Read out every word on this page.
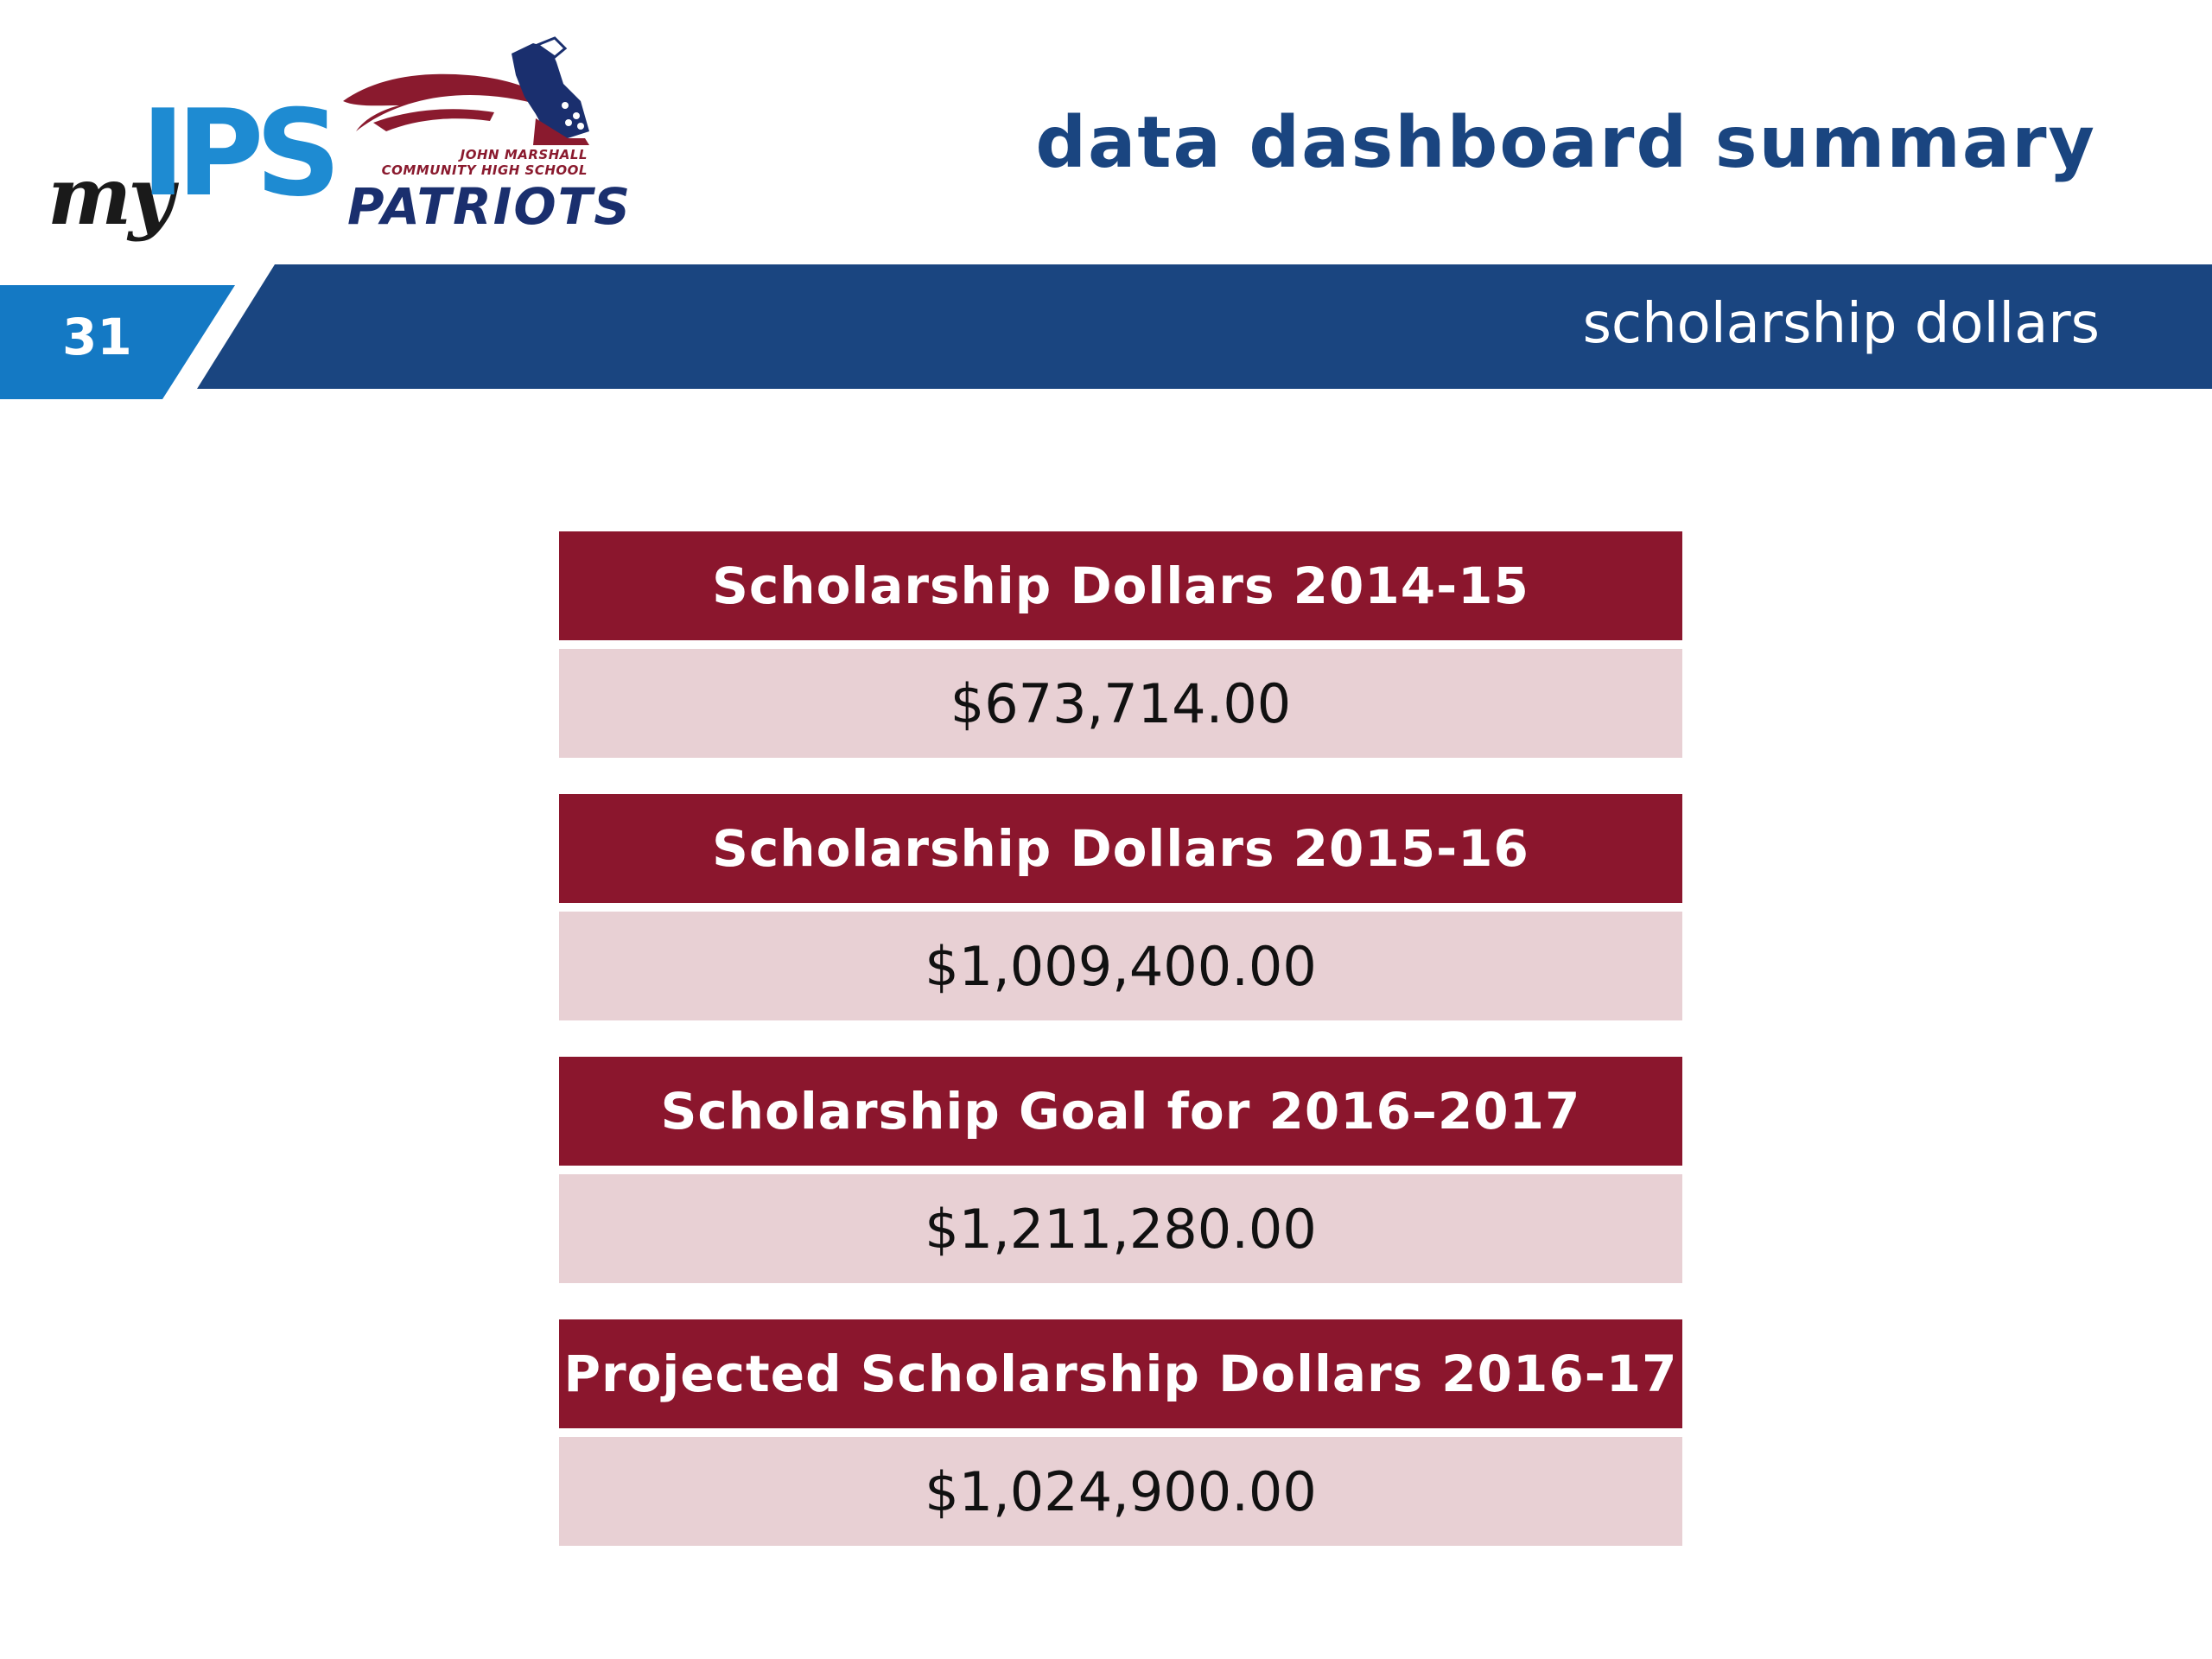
my
IPS	JOHN MARSHALL
COMMUNITY HIGH SCHOOL
PATRIOTS
data dashboard summary
31	scholarship dollars
Scholarship Dollars 2014-15
$673,714.00
Scholarship Dollars 2015-16
$1,009,400.00
Scholarship Goal for 2016–2017
$1,211,280.00
Projected Scholarship Dollars 2016-17
$1,024,900.00
